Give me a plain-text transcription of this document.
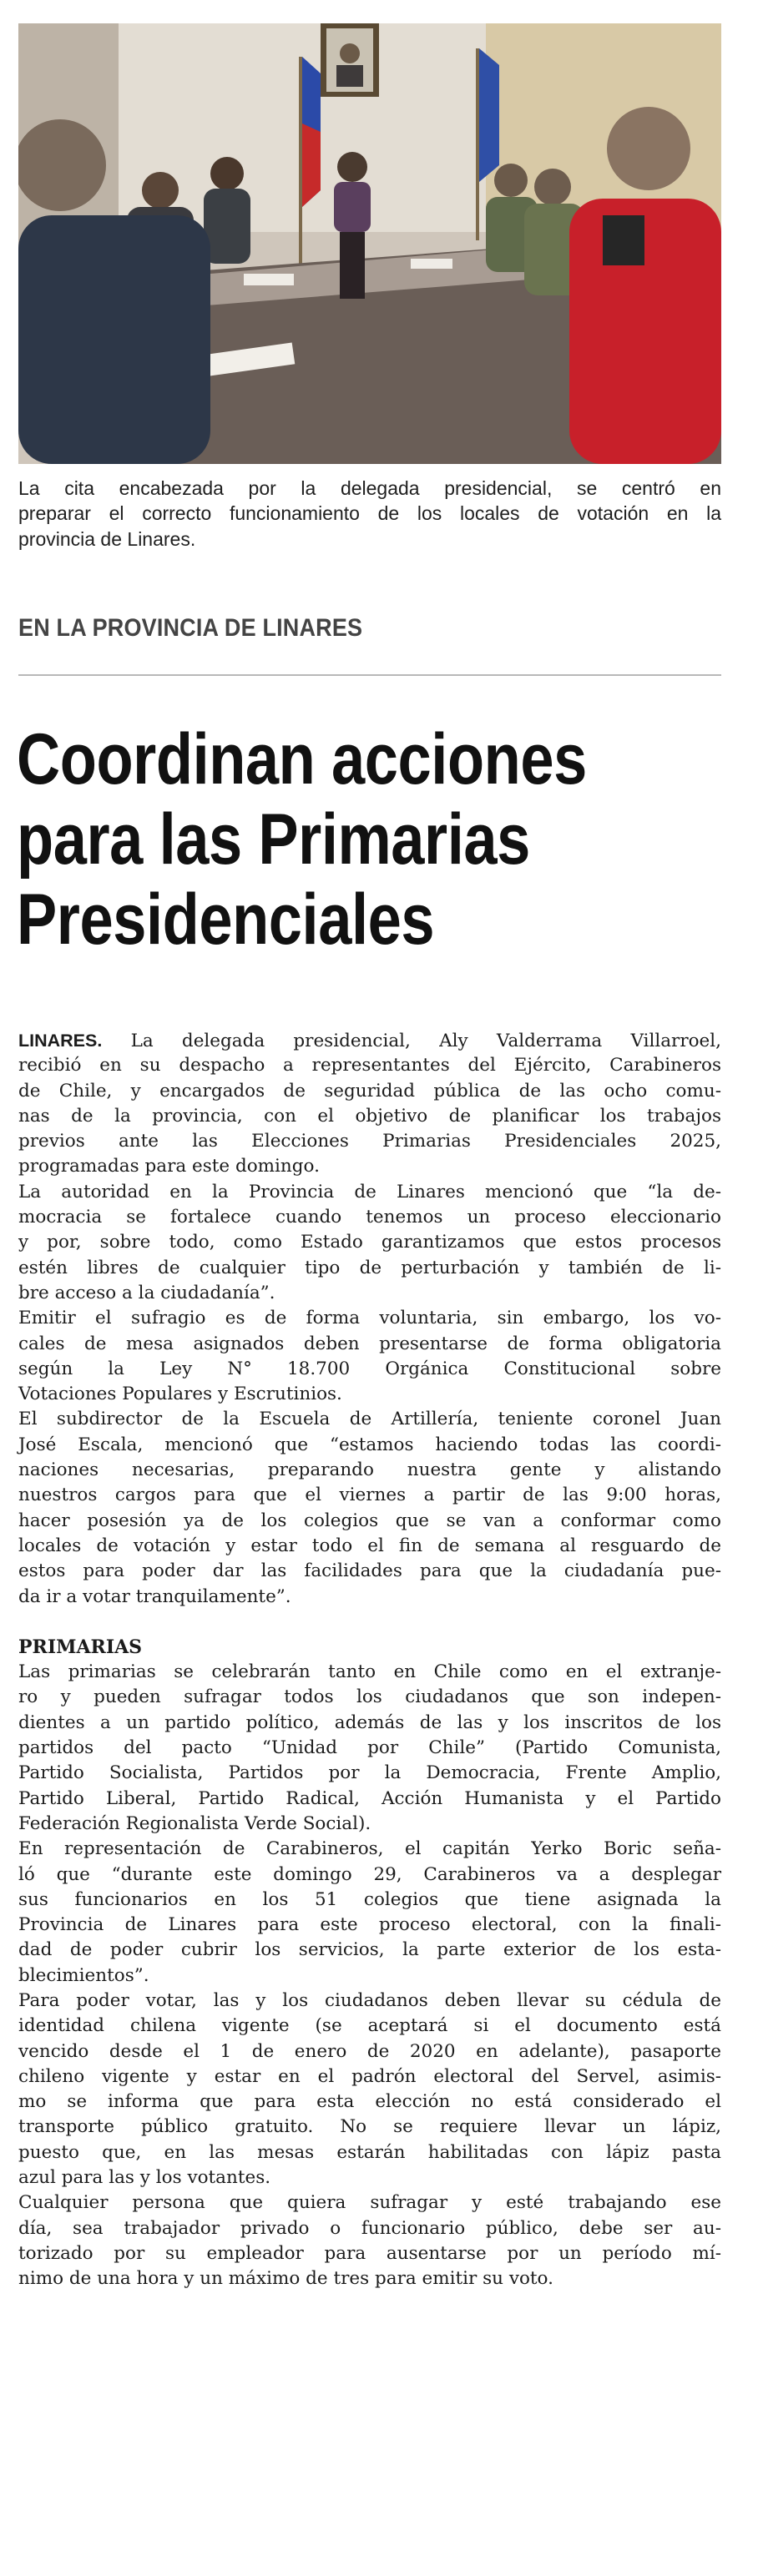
La cita encabezada por la delegada presidencial, se centró en
preparar el correcto funcionamiento de los locales de votación en la
provincia de Linares.
EN LA PROVINCIA DE LINARES
Coordinan acciones
para las Primarias
Presidenciales
LINARES. La delegada presidencial, Aly Valderrama Villarroel,
recibió en su despacho a representantes del Ejército, Carabineros
de Chile, y encargados de seguridad pública de las ocho comu-
nas de la provincia, con el objetivo de planificar los trabajos
previos ante las Elecciones Primarias Presidenciales 2025,
programadas para este domingo.
La autoridad en la Provincia de Linares mencionó que “la de-
mocracia se fortalece cuando tenemos un proceso eleccionario
y por, sobre todo, como Estado garantizamos que estos procesos
estén libres de cualquier tipo de perturbación y también de li-
bre acceso a la ciudadanía”.
Emitir el sufragio es de forma voluntaria, sin embargo, los vo-
cales de mesa asignados deben presentarse de forma obligatoria
según la Ley N° 18.700 Orgánica Constitucional sobre
Votaciones Populares y Escrutinios.
El subdirector de la Escuela de Artillería, teniente coronel Juan
José Escala, mencionó que “estamos haciendo todas las coordi-
naciones necesarias, preparando nuestra gente y alistando
nuestros cargos para que el viernes a partir de las 9:00 horas,
hacer posesión ya de los colegios que se van a conformar como
locales de votación y estar todo el fin de semana al resguardo de
estos para poder dar las facilidades para que la ciudadanía pue-
da ir a votar tranquilamente”.
PRIMARIAS
Las primarias se celebrarán tanto en Chile como en el extranje-
ro y pueden sufragar todos los ciudadanos que son indepen-
dientes a un partido político, además de las y los inscritos de los
partidos del pacto “Unidad por Chile” (Partido Comunista,
Partido Socialista, Partidos por la Democracia, Frente Amplio,
Partido Liberal, Partido Radical, Acción Humanista y el Partido
Federación Regionalista Verde Social).
En representación de Carabineros, el capitán Yerko Boric seña-
ló que “durante este domingo 29, Carabineros va a desplegar
sus funcionarios en los 51 colegios que tiene asignada la
Provincia de Linares para este proceso electoral, con la finali-
dad de poder cubrir los servicios, la parte exterior de los esta-
blecimientos”.
Para poder votar, las y los ciudadanos deben llevar su cédula de
identidad chilena vigente (se aceptará si el documento está
vencido desde el 1 de enero de 2020 en adelante), pasaporte
chileno vigente y estar en el padrón electoral del Servel, asimis-
mo se informa que para esta elección no está considerado el
transporte público gratuito. No se requiere llevar un lápiz,
puesto que, en las mesas estarán habilitadas con lápiz pasta
azul para las y los votantes.
Cualquier persona que quiera sufragar y esté trabajando ese
día, sea trabajador privado o funcionario público, debe ser au-
torizado por su empleador para ausentarse por un período mí-
nimo de una hora y un máximo de tres para emitir su voto.
